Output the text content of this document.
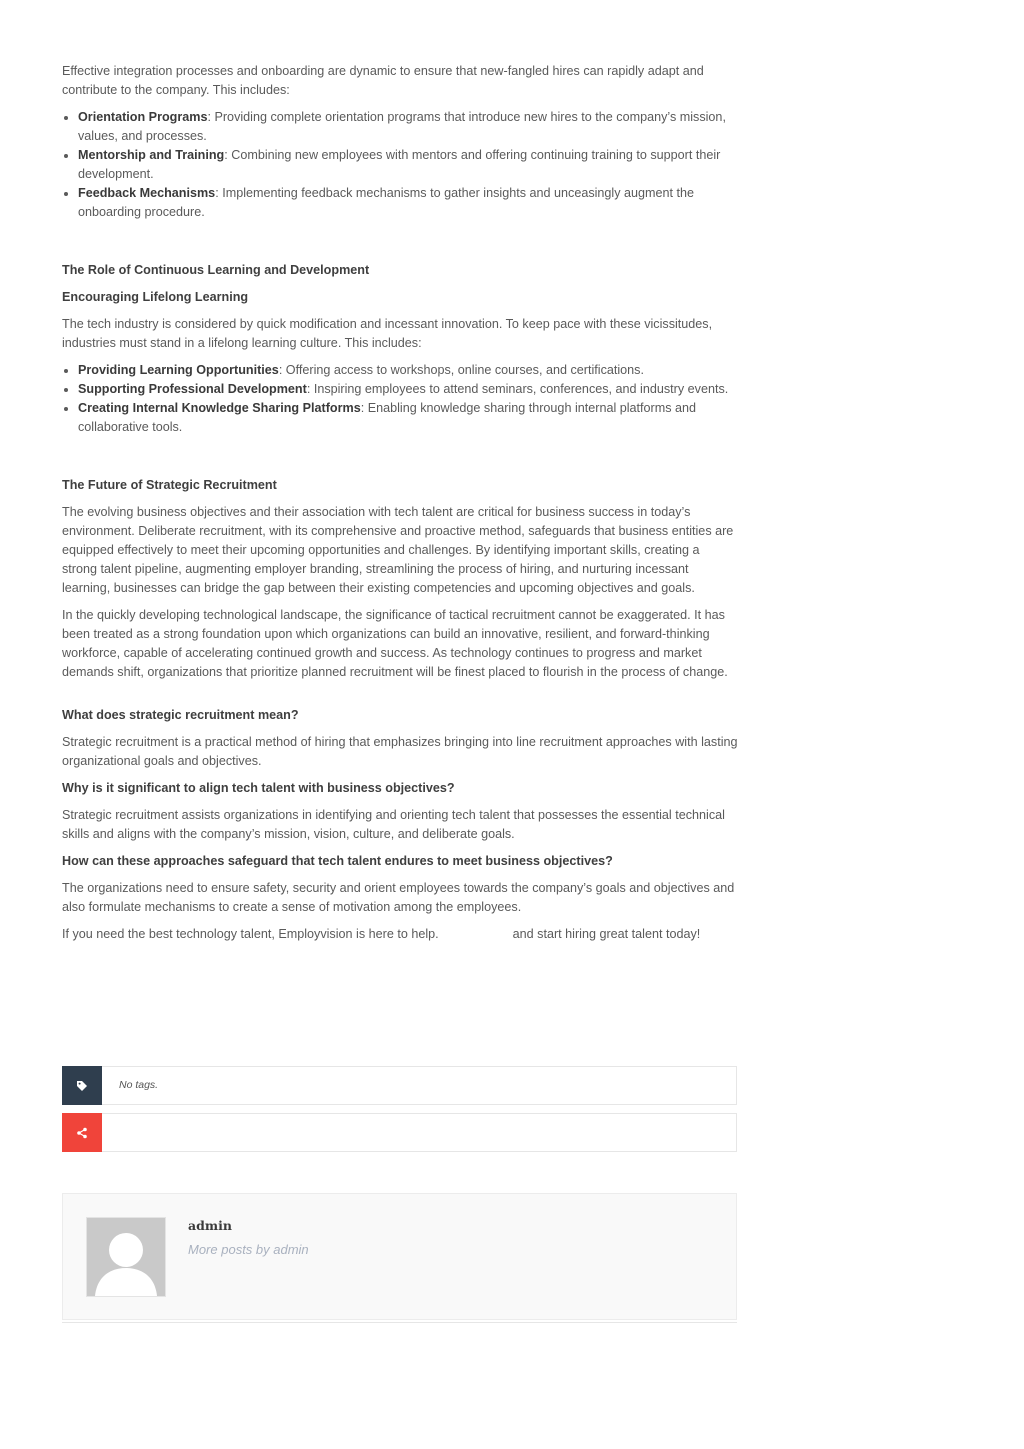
Effective integration processes and onboarding are dynamic to ensure that new-fangled hires can rapidly adapt and contribute to the company. This includes:

• Orientation Programs: Providing complete orientation programs that introduce new hires to the company’s mission, values, and processes.
• Mentorship and Training: Combining new employees with mentors and offering continuing training to support their development.
• Feedback Mechanisms: Implementing feedback mechanisms to gather insights and unceasingly augment the onboarding procedure.
The Role of Continuous Learning and Development
Encouraging Lifelong Learning

The tech industry is considered by quick modification and incessant innovation. To keep pace with these vicissitudes, industries must stand in a lifelong learning culture. This includes:

• Providing Learning Opportunities: Offering access to workshops, online courses, and certifications.
• Supporting Professional Development: Inspiring employees to attend seminars, conferences, and industry events.
• Creating Internal Knowledge Sharing Platforms: Enabling knowledge sharing through internal platforms and collaborative tools.
The Future of Strategic Recruitment

The evolving business objectives and their association with tech talent are critical for business success in today’s environment. Deliberate recruitment, with its comprehensive and proactive method, safeguards that business entities are equipped effectively to meet their upcoming opportunities and challenges. By identifying important skills, creating a strong talent pipeline, augmenting employer branding, streamlining the process of hiring, and nurturing incessant learning, businesses can bridge the gap between their existing competencies and upcoming objectives and goals.

In the quickly developing technological landscape, the significance of tactical recruitment cannot be exaggerated. It has been treated as a strong foundation upon which organizations can build an innovative, resilient, and forward-thinking workforce, capable of accelerating continued growth and success. As technology continues to progress and market demands shift, organizations that prioritize planned recruitment will be finest placed to flourish in the process of change.

What does strategic recruitment mean?

Strategic recruitment is a practical method of hiring that emphasizes bringing into line recruitment approaches with lasting organizational goals and objectives.

Why is it significant to align tech talent with business objectives?

Strategic recruitment assists organizations in identifying and orienting tech talent that possesses the essential technical skills and aligns with the company’s mission, vision, culture, and deliberate goals.

How can these approaches safeguard that tech talent endures to meet business objectives?

The organizations need to ensure safety, security and orient employees towards the company’s goals and objectives and also formulate mechanisms to create a sense of motivation among the employees.

If you need the best technology talent, Employvision is here to help.	and start hiring great talent today!

No tags.
admin
More posts by admin
